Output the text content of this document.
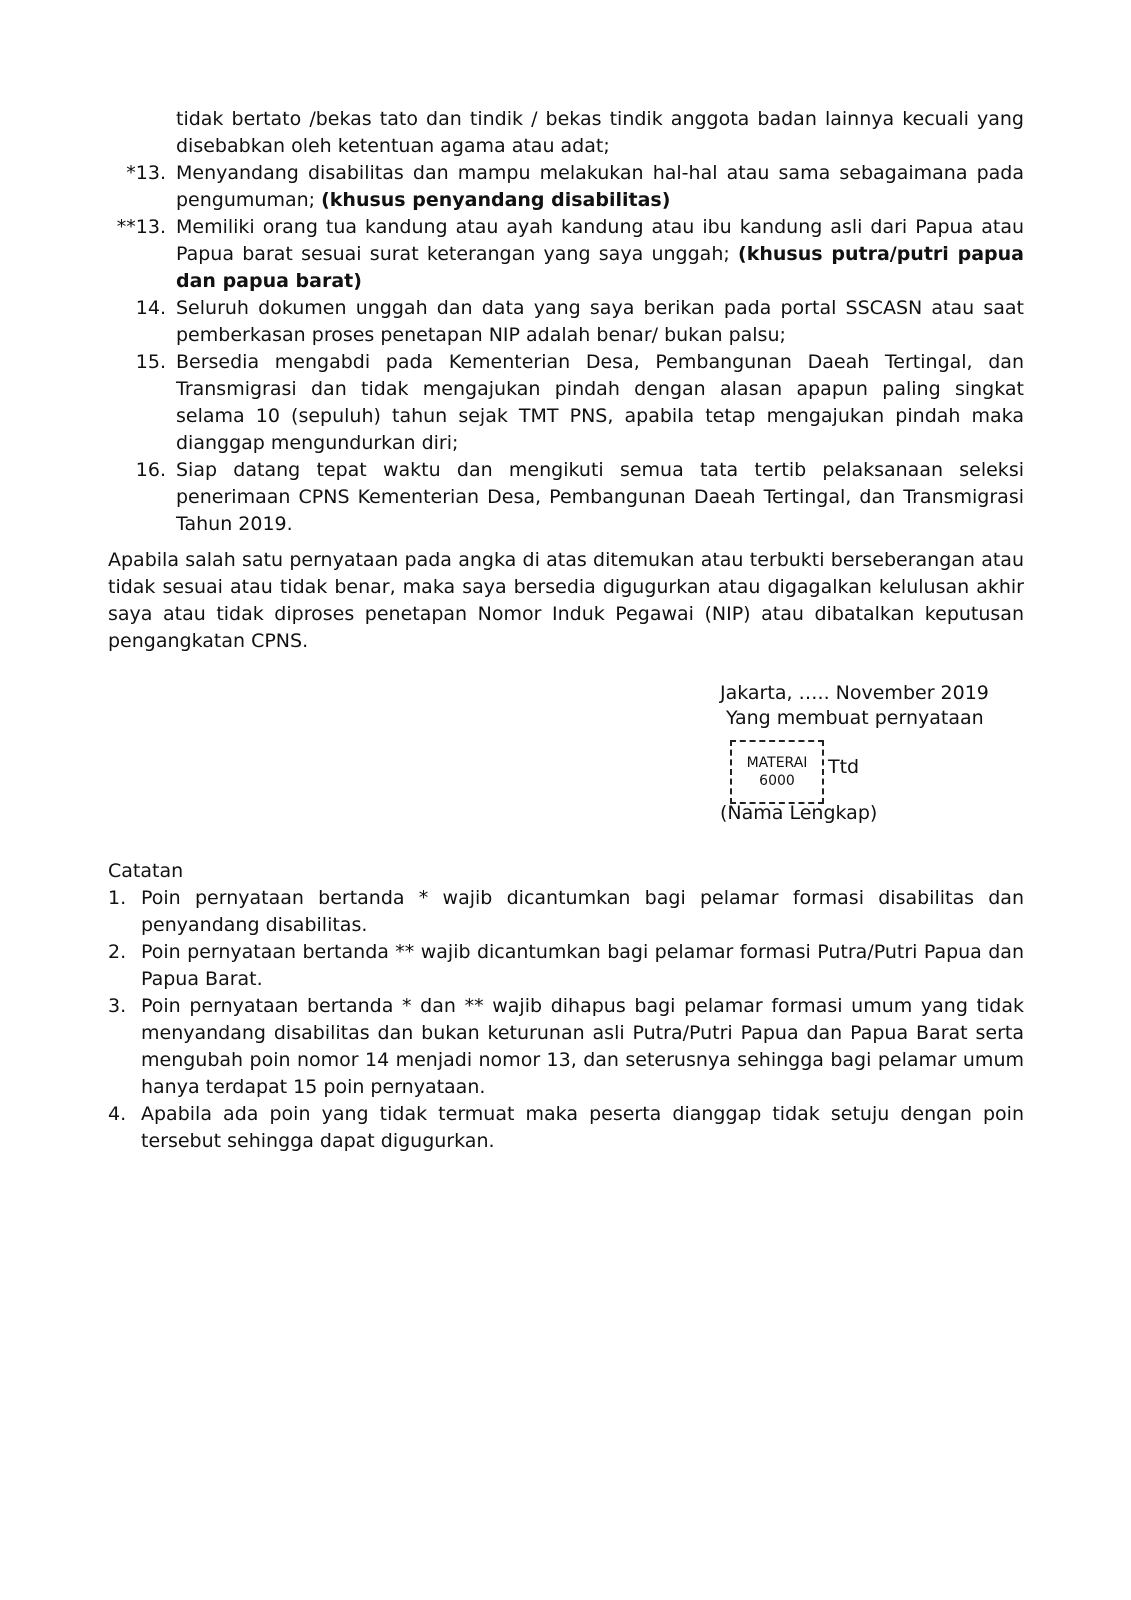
tidak bertato /bekas tato dan tindik / bekas tindik anggota badan lainnya kecuali yang disebabkan oleh ketentuan agama atau adat;
*13. Menyandang disabilitas dan mampu melakukan hal-hal atau sama sebagaimana pada pengumuman; (khusus penyandang disabilitas)
**13. Memiliki orang tua kandung atau ayah kandung atau ibu kandung asli dari Papua atau Papua barat sesuai surat keterangan yang saya unggah; (khusus putra/putri papua dan papua barat)
14. Seluruh dokumen unggah dan data yang saya berikan pada portal SSCASN atau saat pemberkasan proses penetapan NIP adalah benar/ bukan palsu;
15. Bersedia mengabdi pada Kementerian Desa, Pembangunan Daeah Tertingal, dan Transmigrasi dan tidak mengajukan pindah dengan alasan apapun paling singkat selama 10 (sepuluh) tahun sejak TMT PNS, apabila tetap mengajukan pindah maka dianggap mengundurkan diri;
16. Siap datang tepat waktu dan mengikuti semua tata tertib pelaksanaan seleksi penerimaan CPNS Kementerian Desa, Pembangunan Daeah Tertingal, dan Transmigrasi Tahun 2019.

Apabila salah satu pernyataan pada angka di atas ditemukan atau terbukti berseberangan atau tidak sesuai atau tidak benar, maka saya bersedia digugurkan atau digagalkan kelulusan akhir saya atau tidak diproses penetapan Nomor Induk Pegawai (NIP) atau dibatalkan keputusan pengangkatan CPNS.

Jakarta, ….. November 2019
Yang membuat pernyataan
MATERAI
6000
Ttd
(Nama Lengkap)
Catatan
1. Poin pernyataan bertanda * wajib dicantumkan bagi pelamar formasi disabilitas dan penyandang disabilitas.
2. Poin pernyataan bertanda ** wajib dicantumkan bagi pelamar formasi Putra/Putri Papua dan Papua Barat.
3. Poin pernyataan bertanda * dan ** wajib dihapus bagi pelamar formasi umum yang tidak menyandang disabilitas dan bukan keturunan asli Putra/Putri Papua dan Papua Barat serta mengubah poin nomor 14 menjadi nomor 13, dan seterusnya sehingga bagi pelamar umum hanya terdapat 15 poin pernyataan.
4. Apabila ada poin yang tidak termuat maka peserta dianggap tidak setuju dengan poin tersebut sehingga dapat digugurkan.
